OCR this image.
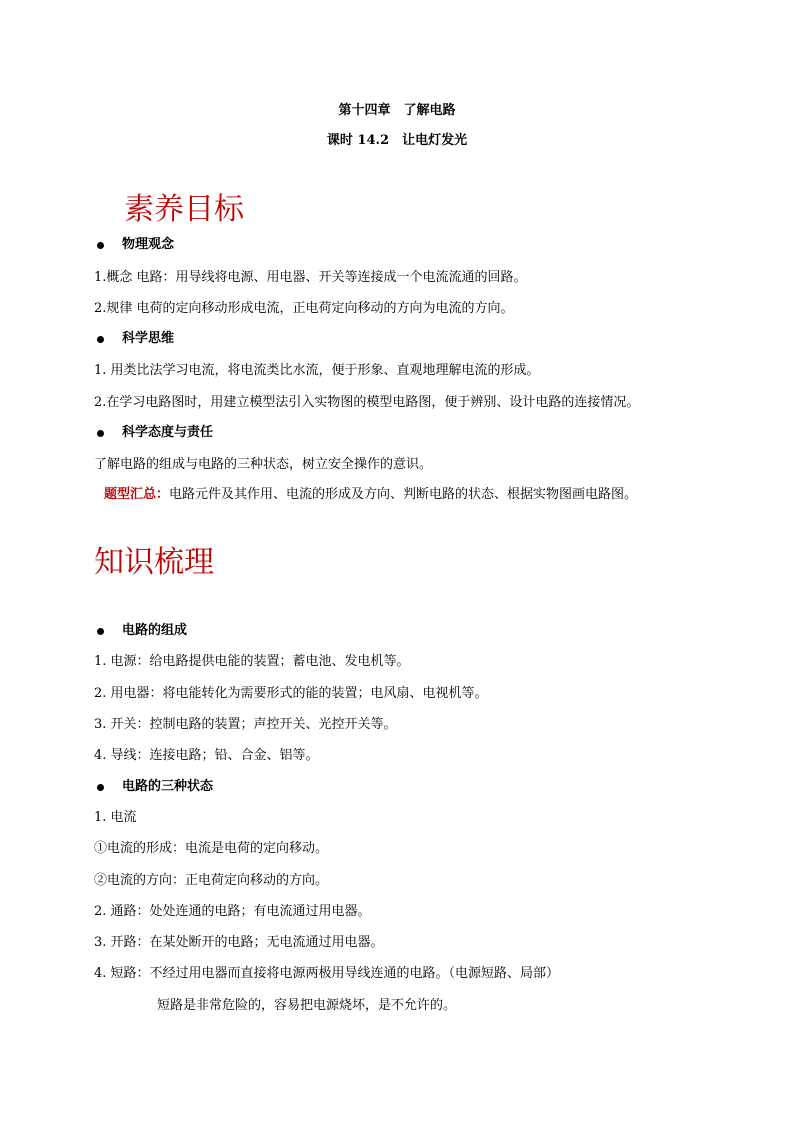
第十四章　了解电路
课时 14.2　让电灯发光
素养目标
物理观念
1.概念 电路：用导线将电源、用电器、开关等连接成一个电流流通的回路。
2.规律 电荷的定向移动形成电流，正电荷定向移动的方向为电流的方向。
科学思维
1. 用类比法学习电流，将电流类比水流，便于形象、直观地理解电流的形成。
2.在学习电路图时，用建立模型法引入实物图的模型电路图，便于辨别、设计电路的连接情况。
科学态度与责任
了解电路的组成与电路的三种状态，树立安全操作的意识。
题型汇总：电路元件及其作用、电流的形成及方向、判断电路的状态、根据实物图画电路图。
知识梳理
电路的组成
1. 电源：给电路提供电能的装置；蓄电池、发电机等。
2. 用电器：将电能转化为需要形式的能的装置；电风扇、电视机等。
3. 开关：控制电路的装置；声控开关、光控开关等。
4. 导线：连接电路；铅、合金、铝等。
电路的三种状态
1. 电流
①电流的形成：电流是电荷的定向移动。
②电流的方向：正电荷定向移动的方向。
2. 通路：处处连通的电路；有电流通过用电器。
3. 开路：在某处断开的电路；无电流通过用电器。
4. 短路：不经过用电器而直接将电源两极用导线连通的电路。（电源短路、局部）
短路是非常危险的，容易把电源烧坏，是不允许的。
